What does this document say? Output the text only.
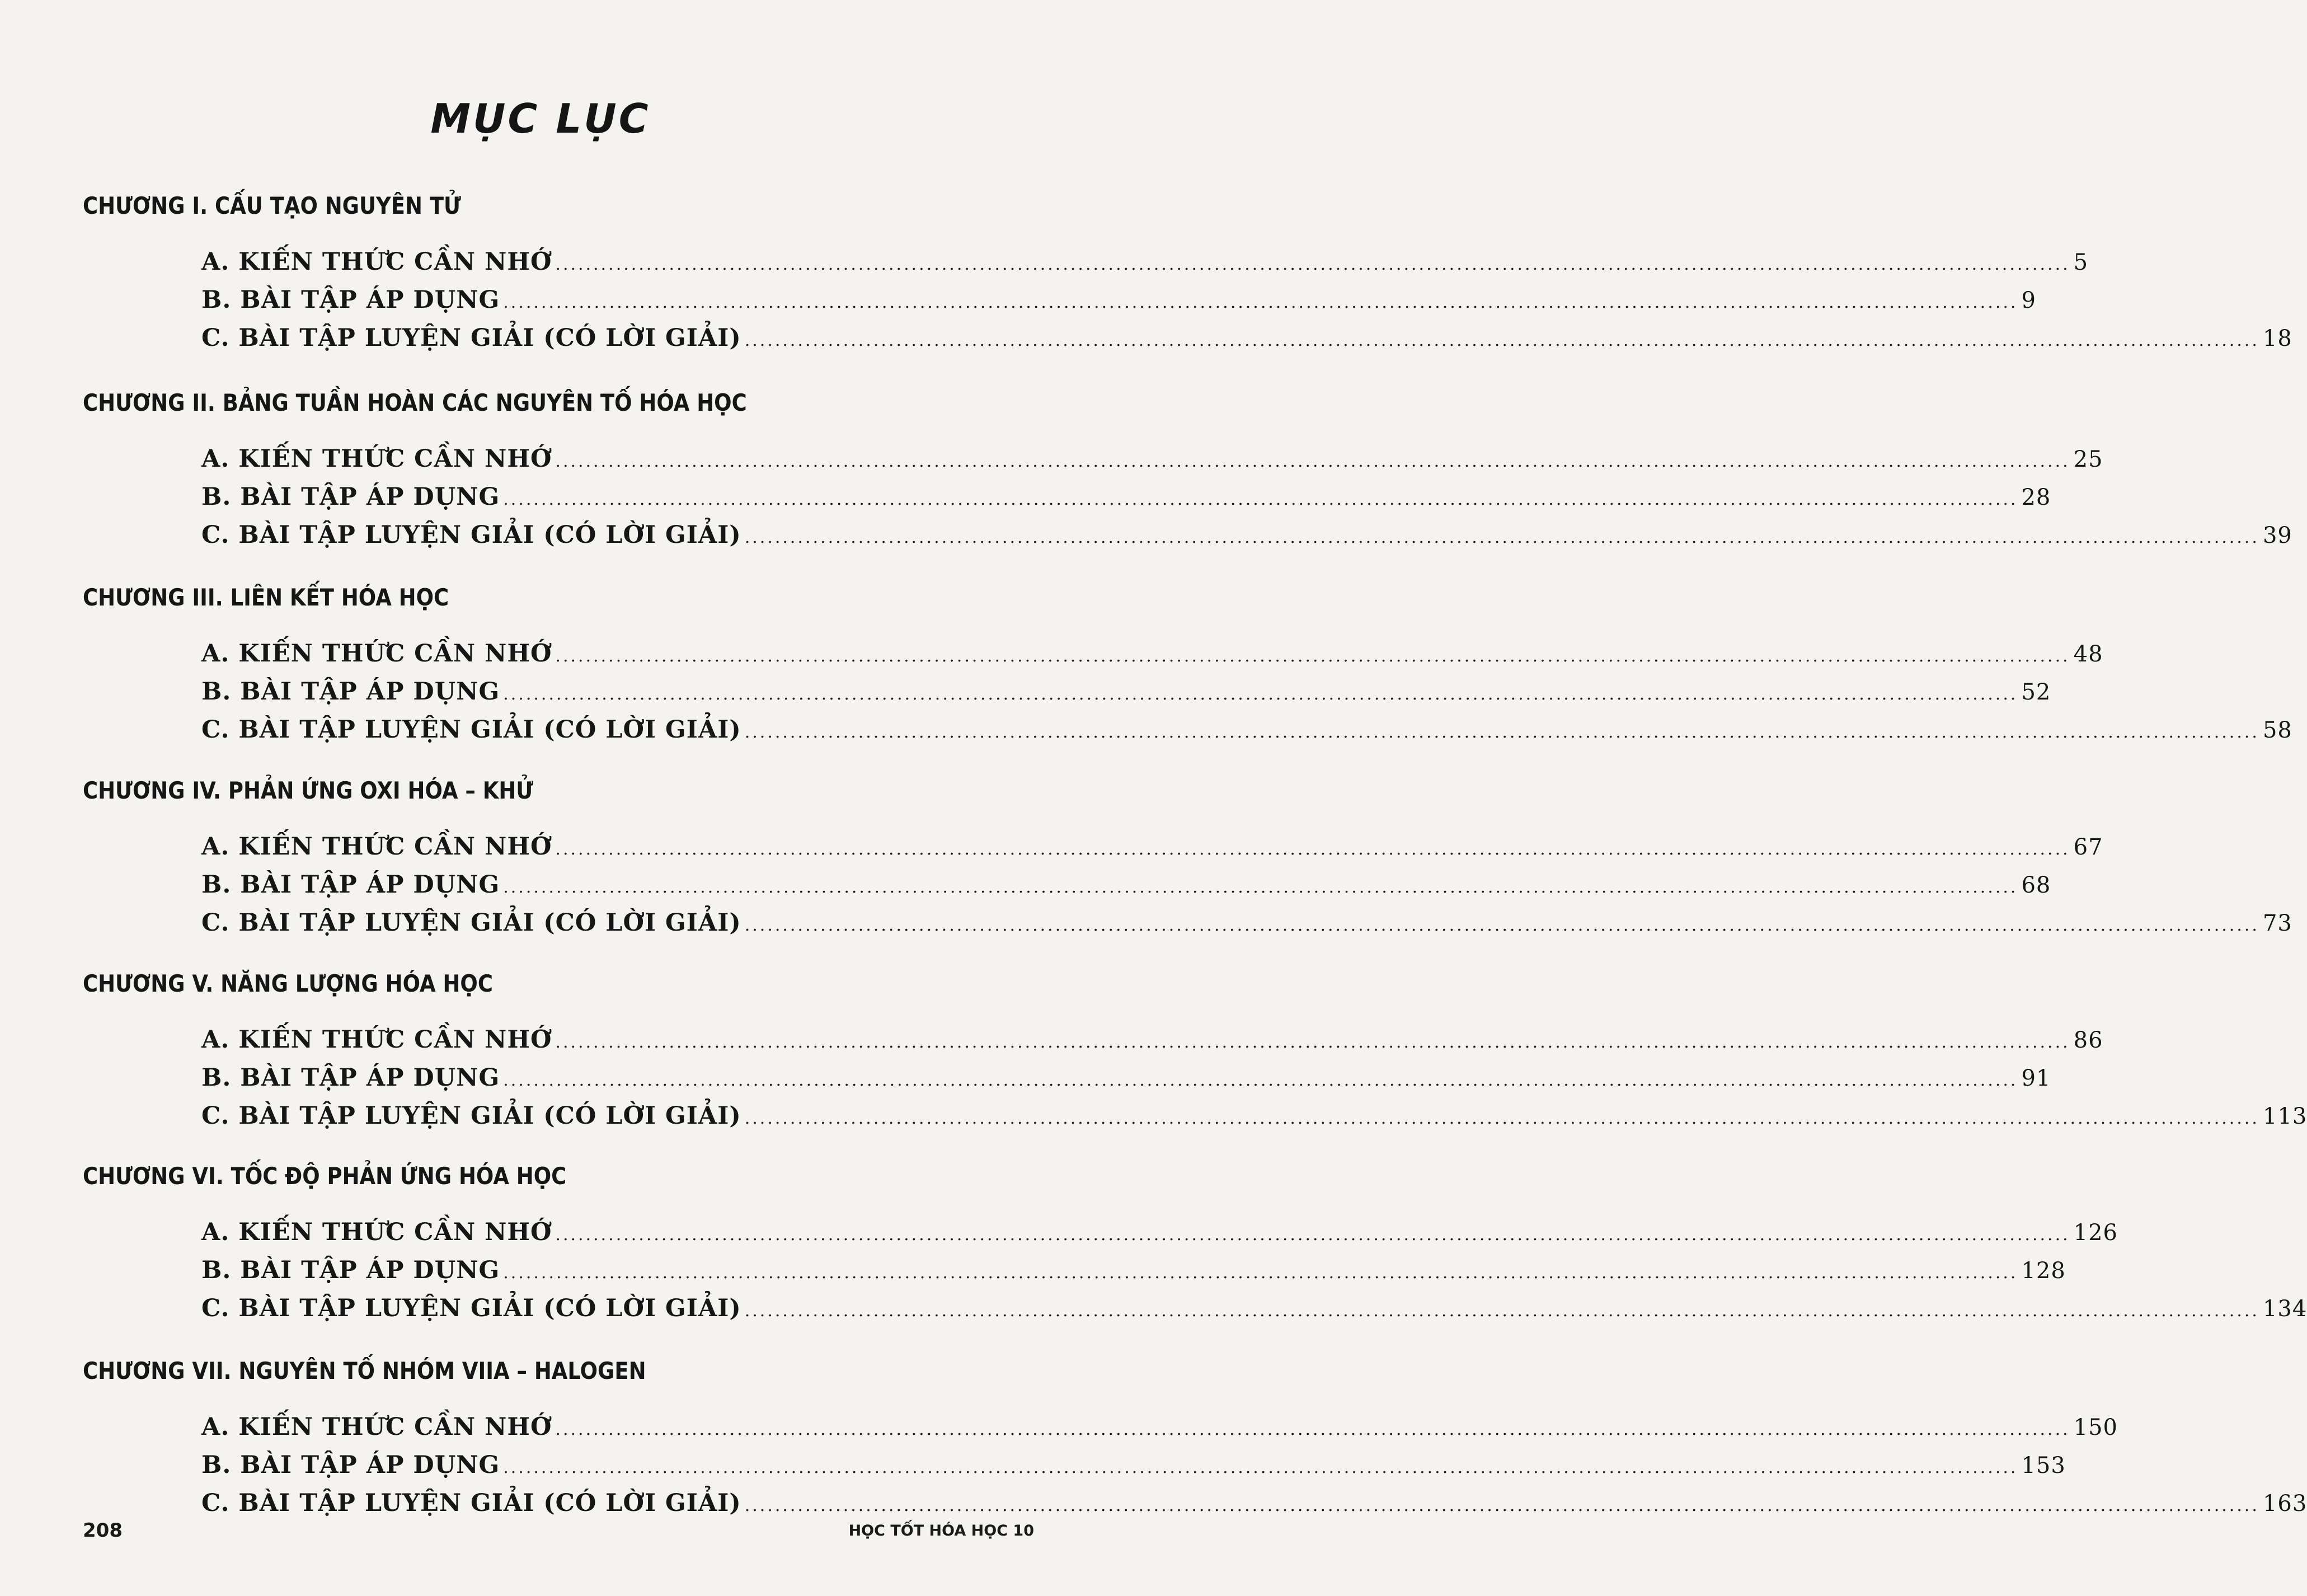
MỤC LỤC
CHƯƠNG I. CẤU TẠO NGUYÊN TỬ
A. KIẾN THỨC CẦN NHỚ ........................................................................................................................................................................................................ 5
B. BÀI TẬP ÁP DỤNG ........................................................................................................................................................................................................ 9
C. BÀI TẬP LUYỆN GIẢI (CÓ LỜI GIẢI) ........................................................................................................................................................................................................ 18
CHƯƠNG II. BẢNG TUẦN HOÀN CÁC NGUYÊN TỐ HÓA HỌC
A. KIẾN THỨC CẦN NHỚ ........................................................................................................................................................................................................ 25
B. BÀI TẬP ÁP DỤNG ........................................................................................................................................................................................................ 28
C. BÀI TẬP LUYỆN GIẢI (CÓ LỜI GIẢI) ........................................................................................................................................................................................................ 39
CHƯƠNG III. LIÊN KẾT HÓA HỌC
A. KIẾN THỨC CẦN NHỚ ........................................................................................................................................................................................................ 48
B. BÀI TẬP ÁP DỤNG ........................................................................................................................................................................................................ 52
C. BÀI TẬP LUYỆN GIẢI (CÓ LỜI GIẢI) ........................................................................................................................................................................................................ 58
CHƯƠNG IV. PHẢN ỨNG OXI HÓA – KHỬ
A. KIẾN THỨC CẦN NHỚ ........................................................................................................................................................................................................ 67
B. BÀI TẬP ÁP DỤNG ........................................................................................................................................................................................................ 68
C. BÀI TẬP LUYỆN GIẢI (CÓ LỜI GIẢI) ........................................................................................................................................................................................................ 73
CHƯƠNG V. NĂNG LƯỢNG HÓA HỌC
A. KIẾN THỨC CẦN NHỚ ........................................................................................................................................................................................................ 86
B. BÀI TẬP ÁP DỤNG ........................................................................................................................................................................................................ 91
C. BÀI TẬP LUYỆN GIẢI (CÓ LỜI GIẢI) ........................................................................................................................................................................................................ 113
CHƯƠNG VI. TỐC ĐỘ PHẢN ỨNG HÓA HỌC
A. KIẾN THỨC CẦN NHỚ ........................................................................................................................................................................................................ 126
B. BÀI TẬP ÁP DỤNG ........................................................................................................................................................................................................ 128
C. BÀI TẬP LUYỆN GIẢI (CÓ LỜI GIẢI) ........................................................................................................................................................................................................ 134
CHƯƠNG VII. NGUYÊN TỐ NHÓM VIIA – HALOGEN
A. KIẾN THỨC CẦN NHỚ ........................................................................................................................................................................................................ 150
B. BÀI TẬP ÁP DỤNG ........................................................................................................................................................................................................ 153
C. BÀI TẬP LUYỆN GIẢI (CÓ LỜI GIẢI) ........................................................................................................................................................................................................ 163
208	HỌC TỐT HÓA HỌC 10
